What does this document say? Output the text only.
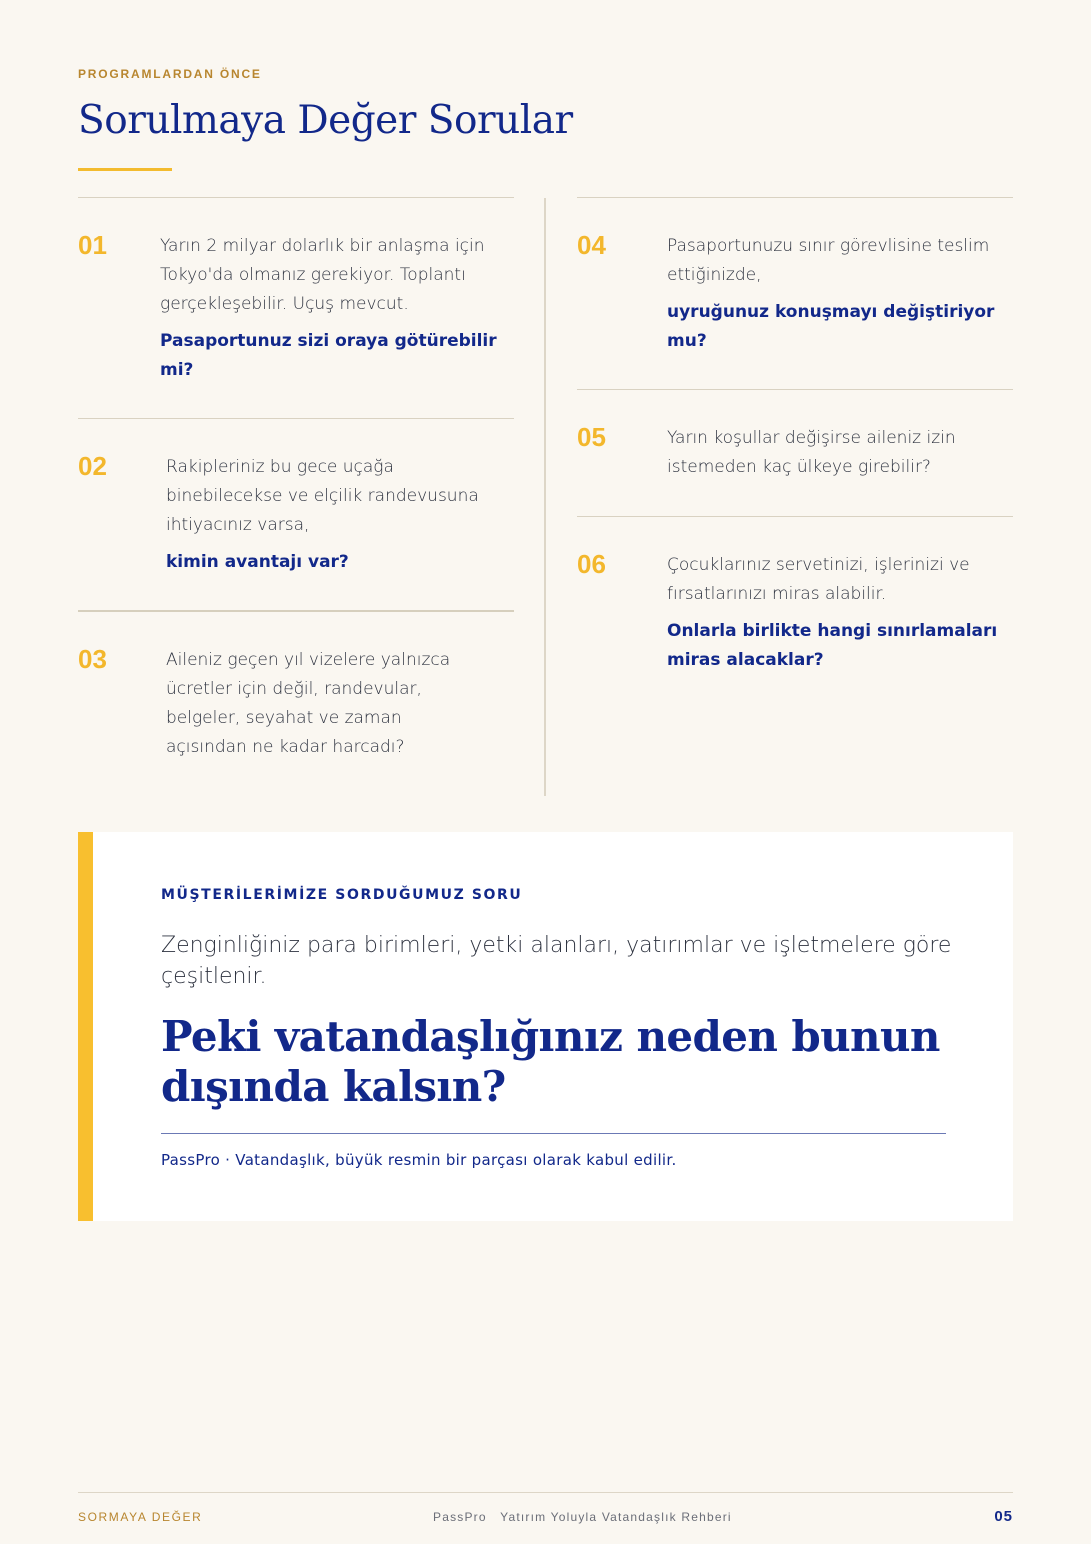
PROGRAMLARDAN ÖNCE
Sorulmaya Değer Sorular
01	Yarın 2 milyar dolarlık bir anlaşma için Tokyo'da olmanız gerekiyor. Toplantı gerçekleşebilir. Uçuş mevcut.

Pasaportunuz sizi oraya götürebilir mi?

02	Rakipleriniz bu gece uçağa binebilecekse ve elçilik randevusuna ihtiyacınız varsa,

kimin avantajı var?

03	Aileniz geçen yıl vizelere yalnızca ücretler için değil, randevular, belgeler, seyahat ve zaman açısından ne kadar harcadı?

04	Pasaportunuzu sınır görevlisine teslim ettiğinizde,

uyruğunuz konuşmayı değiştiriyor mu?

05	Yarın koşullar değişirse aileniz izin istemeden kaç ülkeye girebilir?

06	Çocuklarınız servetinizi, işlerinizi ve fırsatlarınızı miras alabilir.

Onlarla birlikte hangi sınırlamaları miras alacaklar?

MÜŞTERİLERİMİZE SORDUĞUMUZ SORU

Zenginliğiniz para birimleri, yetki alanları, yatırımlar ve işletmelere göre çeşitlenir.

Peki vatandaşlığınız neden bunun dışında kalsın?
PassPro · Vatandaşlık, büyük resmin bir parçası olarak kabul edilir.
SORMAYA DEĞER	PassPro   Yatırım Yoluyla Vatandaşlık Rehberi	05
